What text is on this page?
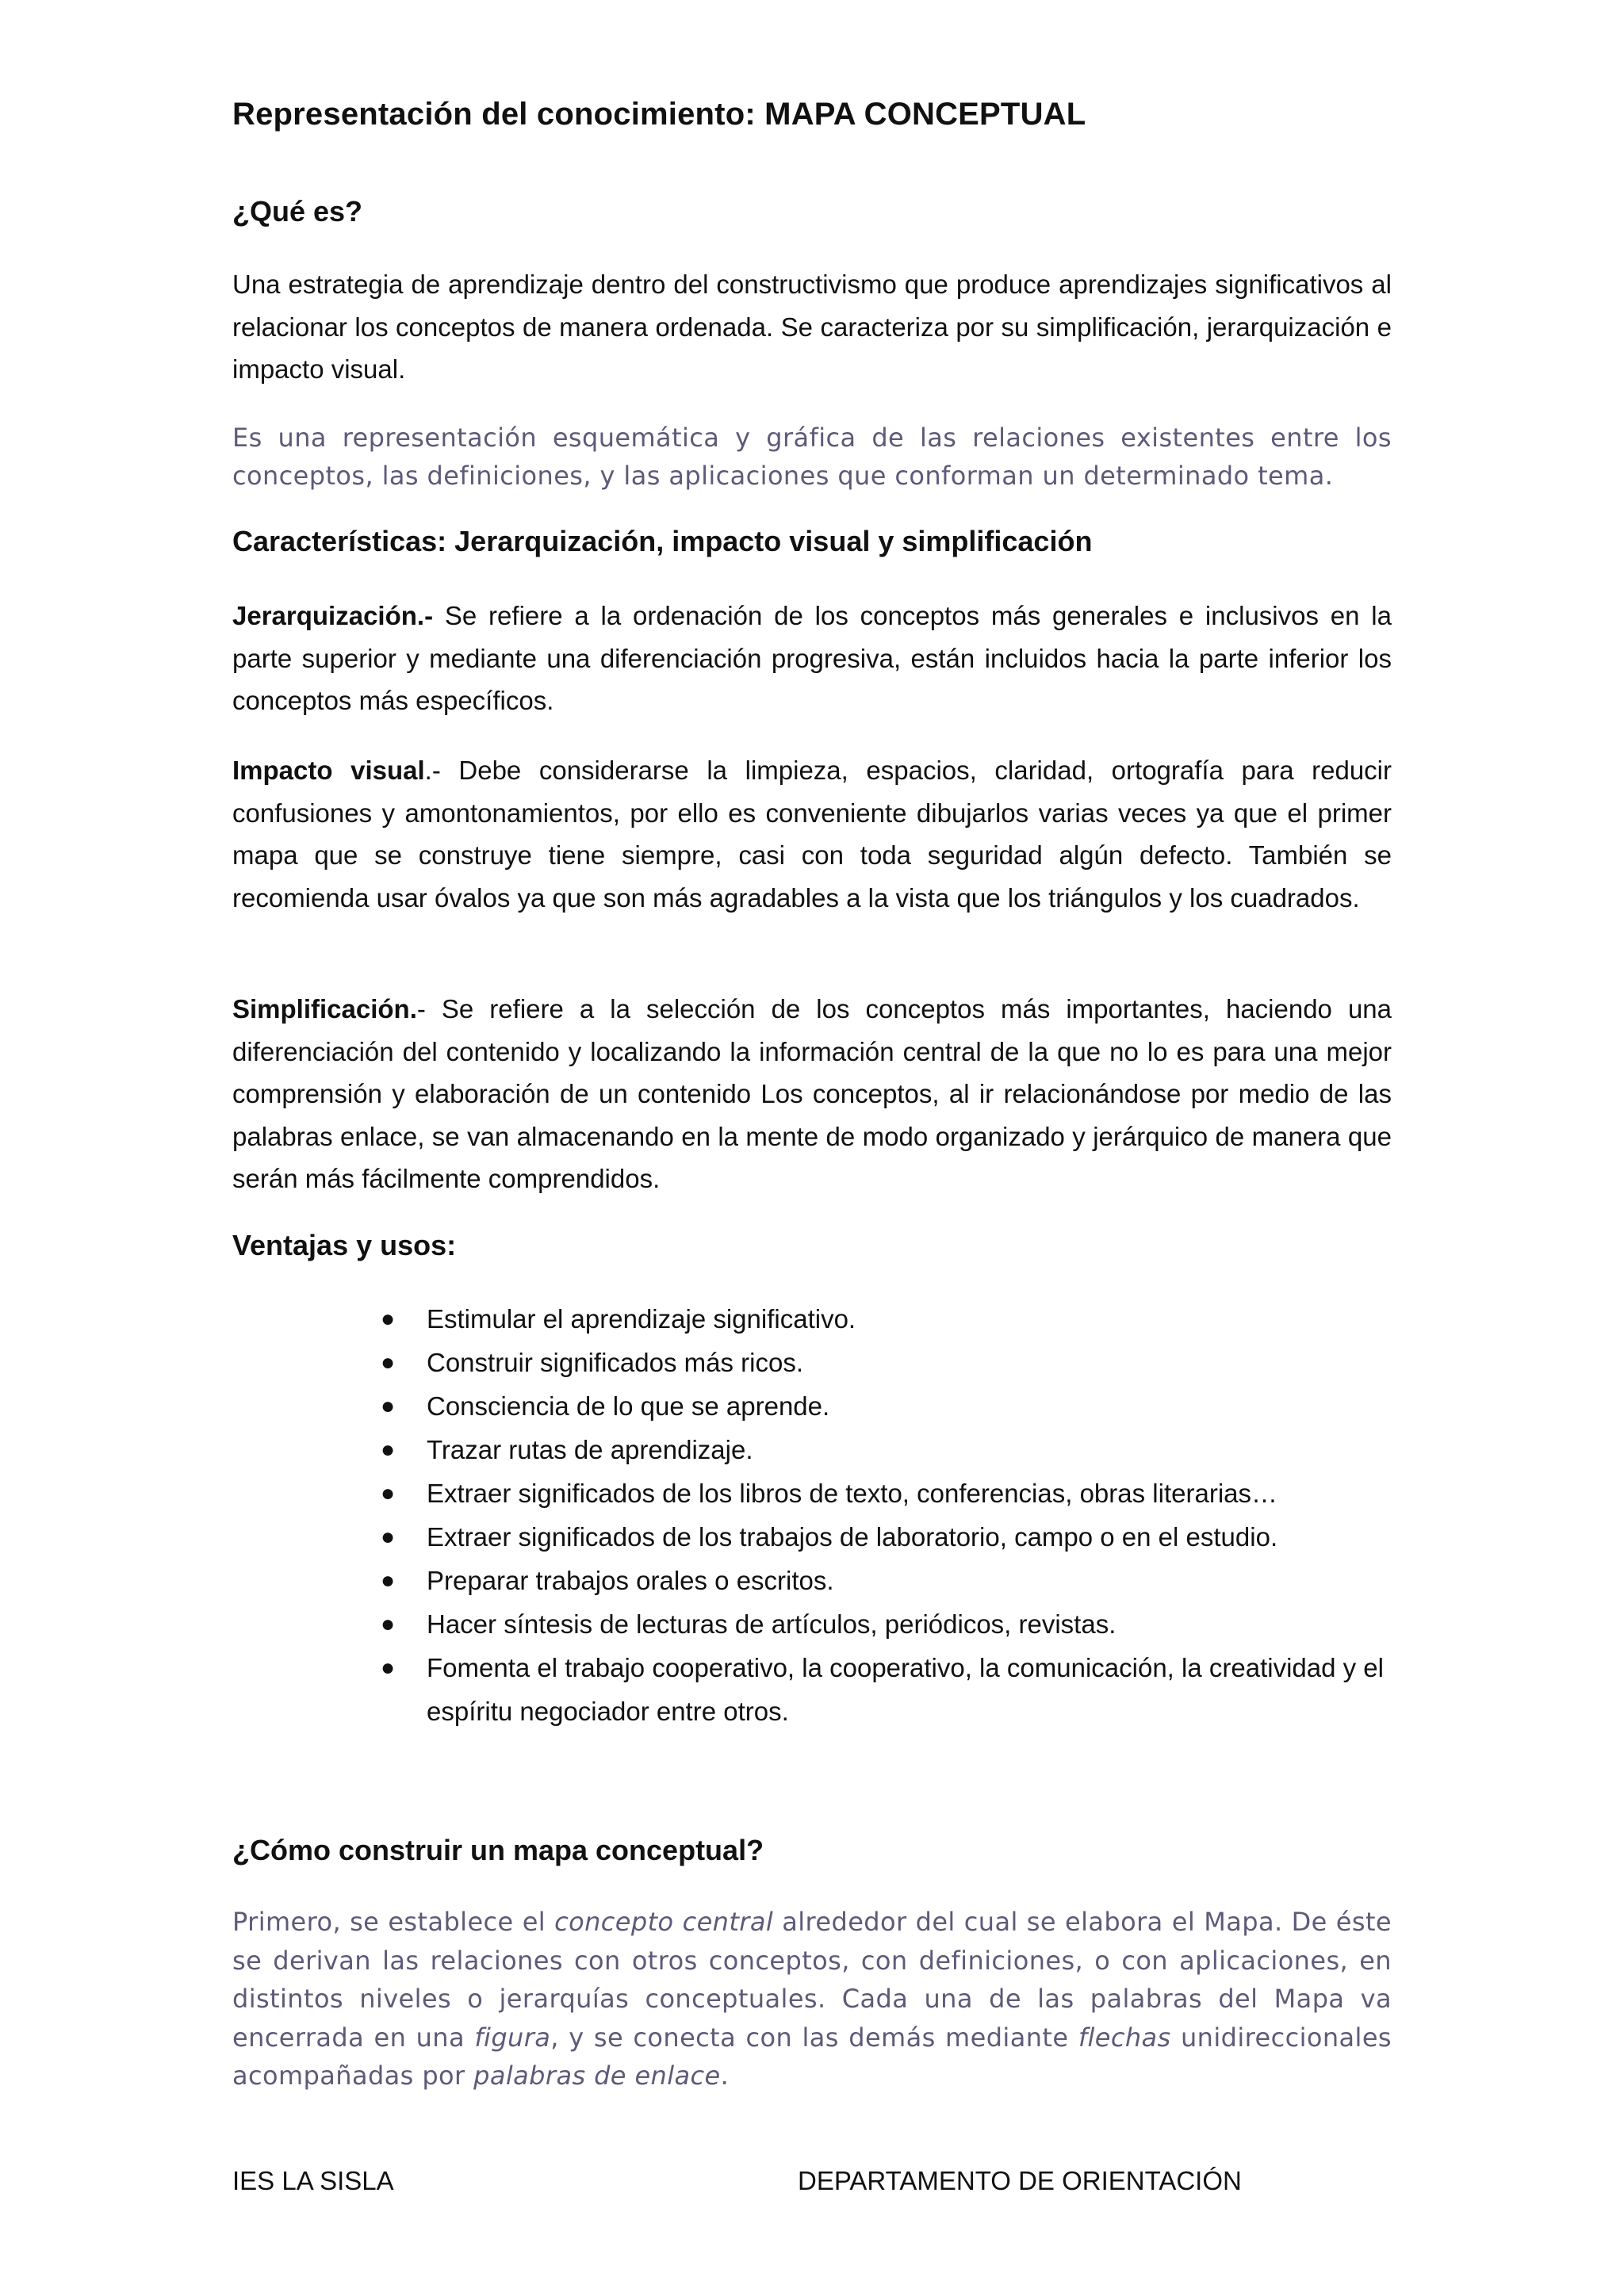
Representación del conocimiento: MAPA CONCEPTUAL
¿Qué es?

Una estrategia de aprendizaje dentro del constructivismo que produce aprendizajes significativos al relacionar los conceptos de manera ordenada. Se caracteriza por su simplificación, jerarquización e impacto visual.

Es una representación esquemática y gráfica de las relaciones existentes entre los conceptos, las definiciones, y las aplicaciones que conforman un determinado tema.

Características: Jerarquización, impacto visual y simplificación

Jerarquización.- Se refiere a la ordenación de los conceptos más generales e inclusivos en la parte superior y mediante una diferenciación progresiva, están incluidos hacia la parte inferior los conceptos más específicos.

Impacto visual.- Debe considerarse la limpieza, espacios, claridad, ortografía para reducir confusiones y amontonamientos, por ello es conveniente dibujarlos varias veces ya que el primer mapa que se construye tiene siempre, casi con toda seguridad algún defecto. También se recomienda usar óvalos ya que son más agradables a la vista que los triángulos y los cuadrados.

Simplificación.- Se refiere a la selección de los conceptos más importantes, haciendo una diferenciación del contenido y localizando la información central de la que no lo es para una mejor comprensión y elaboración de un contenido Los conceptos, al ir relacionándose por medio de las palabras enlace, se van almacenando en la mente de modo organizado y jerárquico de manera que serán más fácilmente comprendidos.

Ventajas y usos:
● Estimular el aprendizaje significativo.
● Construir significados más ricos.
● Consciencia de lo que se aprende.
● Trazar rutas de aprendizaje.
● Extraer significados de los libros de texto, conferencias, obras literarias…
● Extraer significados de los trabajos de laboratorio, campo o en el estudio.
● Preparar trabajos orales o escritos.
● Hacer síntesis de lecturas de artículos, periódicos, revistas.
● Fomenta el trabajo cooperativo, la cooperativo, la comunicación, la creatividad y el espíritu negociador entre otros.
¿Cómo construir un mapa conceptual?

Primero, se establece el concepto central alrededor del cual se elabora el Mapa. De éste se derivan las relaciones con otros conceptos, con definiciones, o con aplicaciones, en distintos niveles o jerarquías conceptuales. Cada una de las palabras del Mapa va encerrada en una figura, y se conecta con las demás mediante flechas unidireccionales acompañadas por palabras de enlace.

IES LA SISLA	DEPARTAMENTO DE ORIENTACIÓN
